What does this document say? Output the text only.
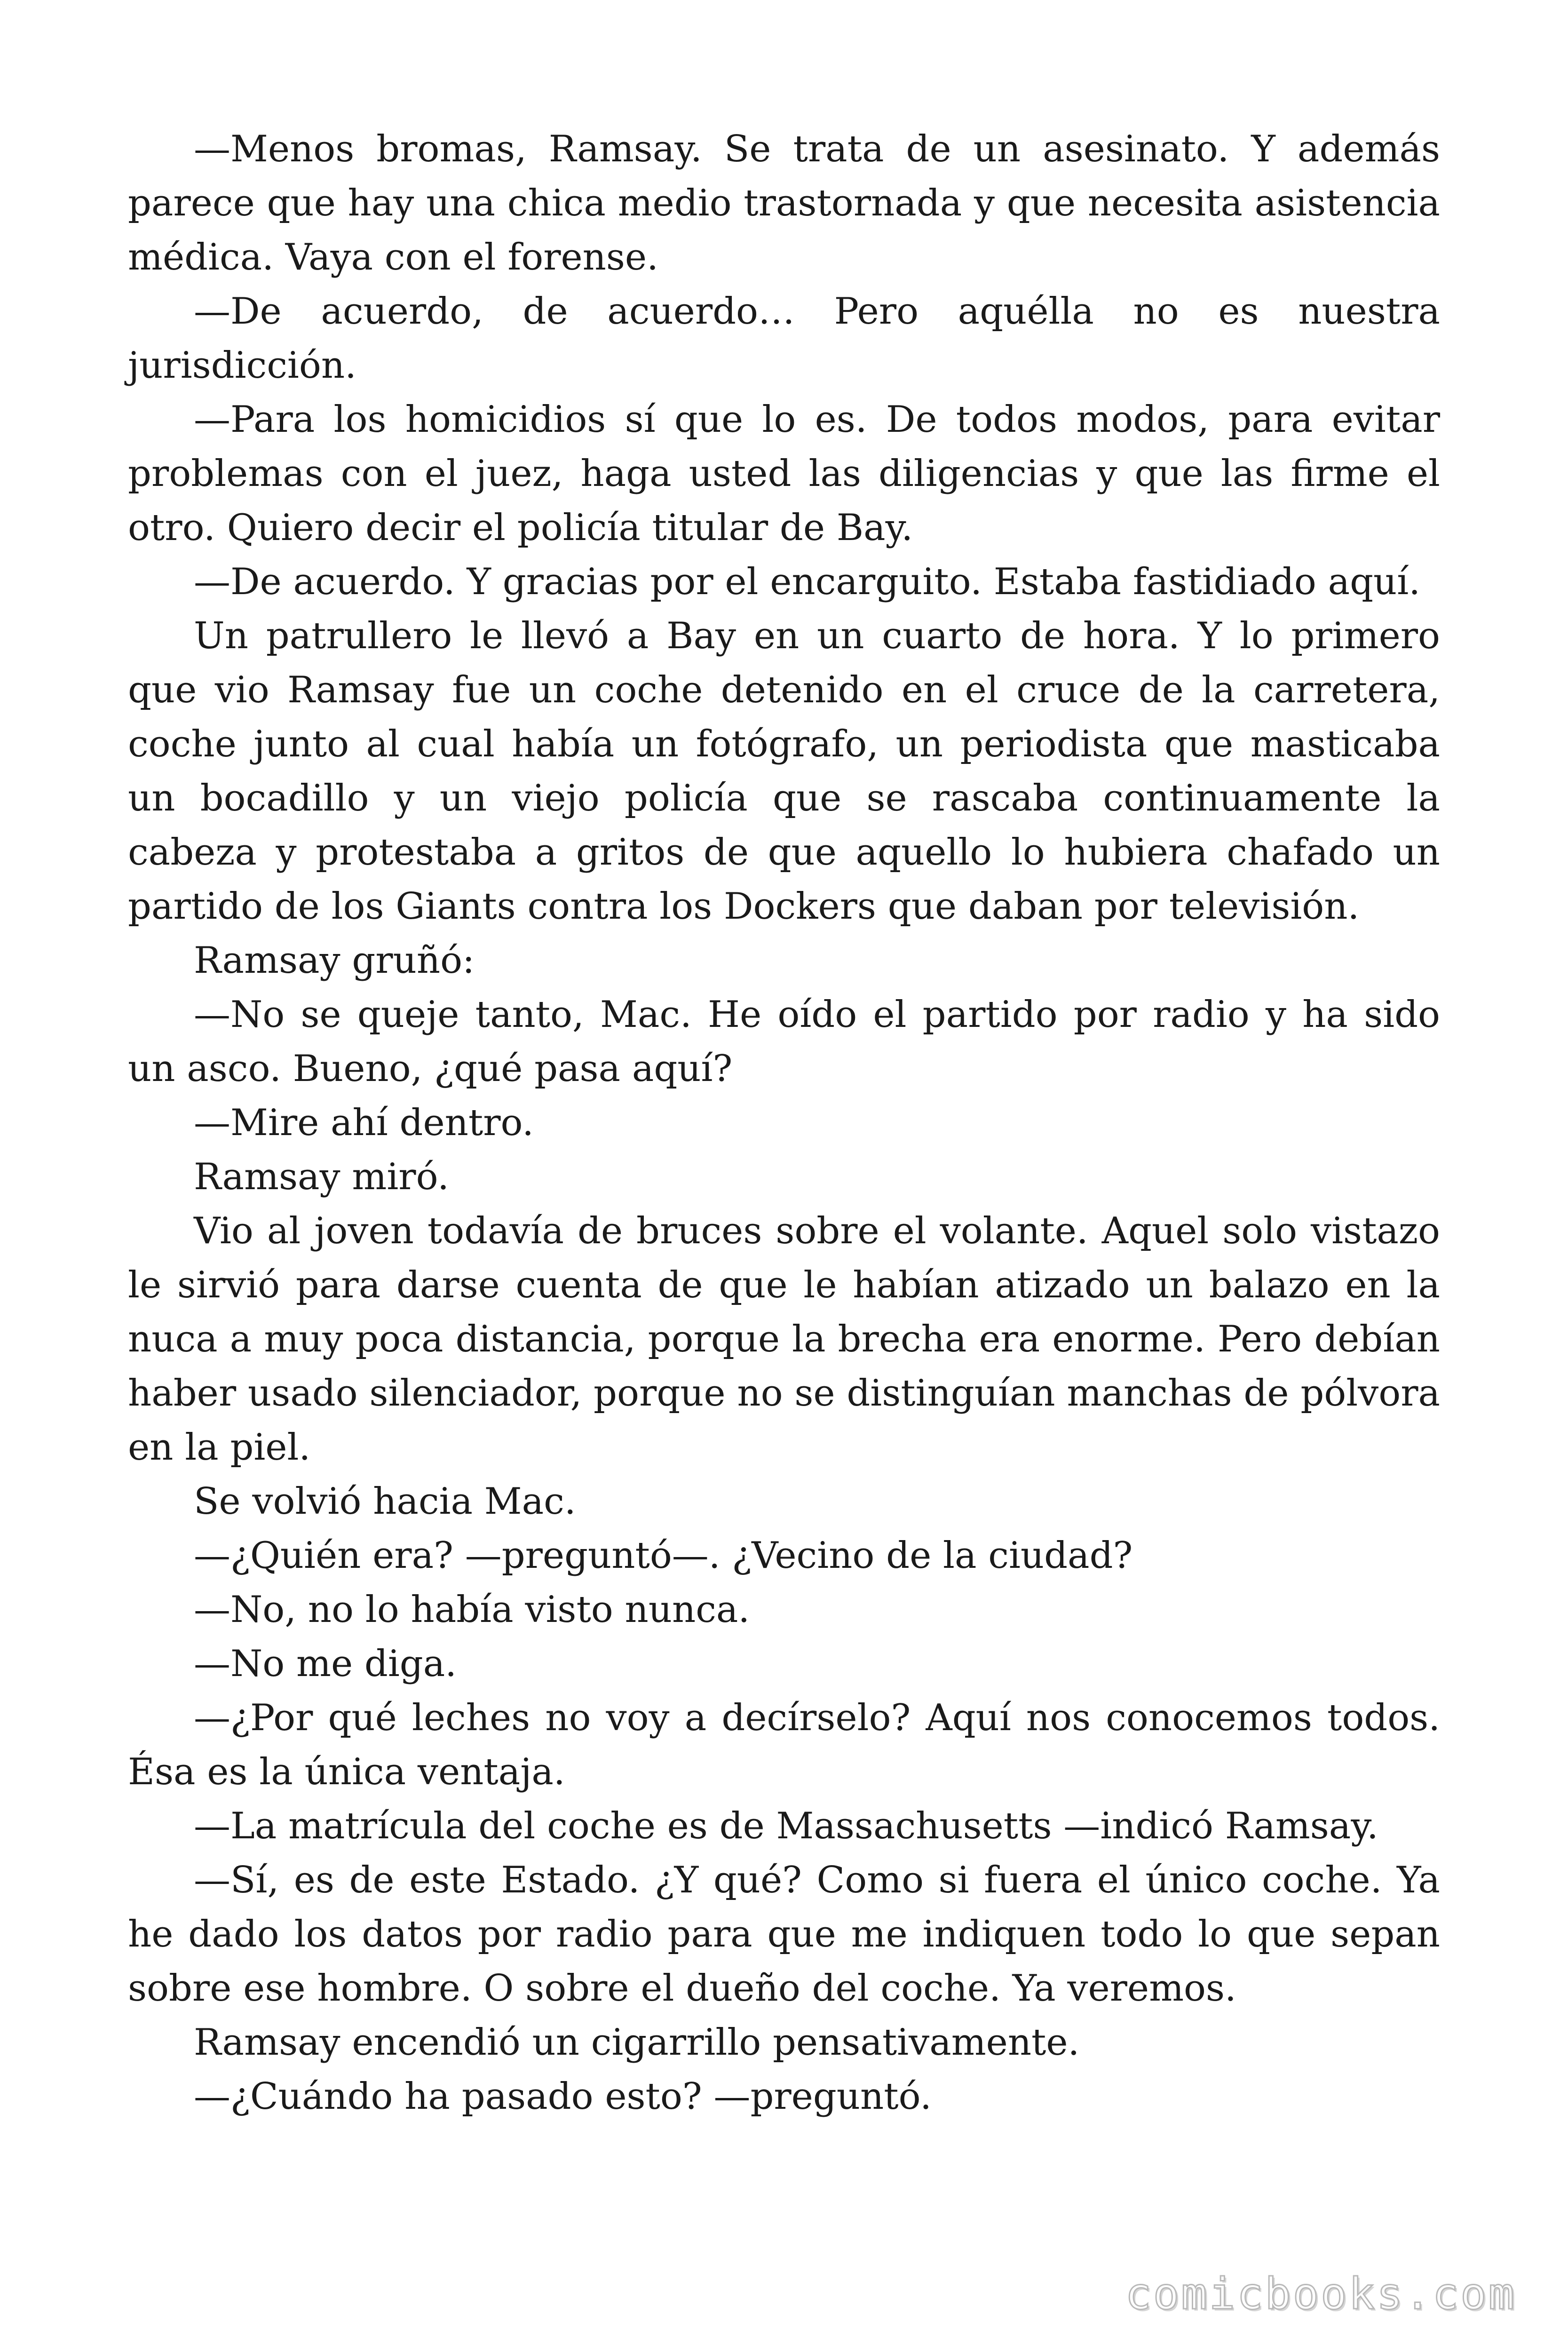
—Menos bromas, Ramsay. Se trata de un asesinato. Y además parece que hay una chica medio trastornada y que necesita asistencia médica. Vaya con el forense.

—De acuerdo, de acuerdo… Pero aquélla no es nuestra jurisdicción.

—Para los homicidios sí que lo es. De todos modos, para evitar problemas con el juez, haga usted las diligencias y que las firme el otro. Quiero decir el policía titular de Bay.

—De acuerdo. Y gracias por el encarguito. Estaba fastidiado aquí.

Un patrullero le llevó a Bay en un cuarto de hora. Y lo primero que vio Ramsay fue un coche detenido en el cruce de la carretera, coche junto al cual había un fotógrafo, un periodista que masticaba un bocadillo y un viejo policía que se rascaba continuamente la cabeza y protestaba a gritos de que aquello lo hubiera chafado un partido de los Giants contra los Dockers que daban por televisión.

Ramsay gruñó:

—No se queje tanto, Mac. He oído el partido por radio y ha sido un asco. Bueno, ¿qué pasa aquí?

—Mire ahí dentro.

Ramsay miró.

Vio al joven todavía de bruces sobre el volante. Aquel solo vistazo le sirvió para darse cuenta de que le habían atizado un balazo en la nuca a muy poca distancia, porque la brecha era enorme. Pero debían haber usado silenciador, porque no se distinguían manchas de pólvora en la piel.

Se volvió hacia Mac.

—¿Quién era? —preguntó—. ¿Vecino de la ciudad?

—No, no lo había visto nunca.

—No me diga.

—¿Por qué leches no voy a decírselo? Aquí nos conocemos todos. Ésa es la única ventaja.

—La matrícula del coche es de Massachusetts —indicó Ramsay.

—Sí, es de este Estado. ¿Y qué? Como si fuera el único coche. Ya he dado los datos por radio para que me indiquen todo lo que sepan sobre ese hombre. O sobre el dueño del coche. Ya veremos.

Ramsay encendió un cigarrillo pensativamente.

—¿Cuándo ha pasado esto? —preguntó.

comicbooks.com
